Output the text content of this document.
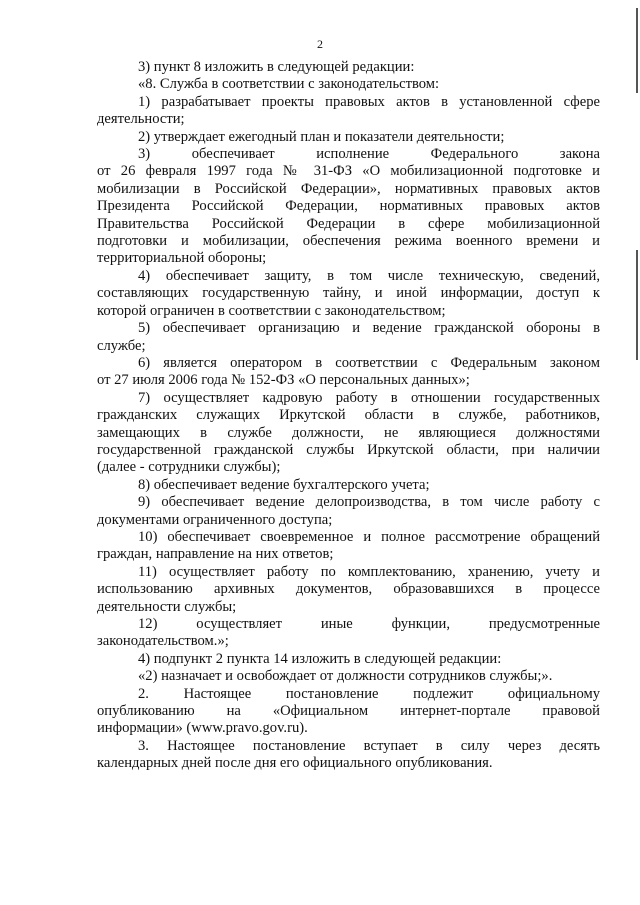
2
3) пункт 8 изложить в следующей редакции:
«8. Служба в соответствии с законодательством:
1) разрабатывает проекты правовых актов в установленной сфере
деятельности;
2) утверждает ежегодный план и показатели деятельности;
3) обеспечивает исполнение Федерального закона
от 26 февраля 1997 года № 31-ФЗ «О мобилизационной подготовке и
мобилизации в Российской Федерации», нормативных правовых актов
Президента Российской Федерации, нормативных правовых актов
Правительства Российской Федерации в сфере мобилизационной
подготовки и мобилизации, обеспечения режима военного времени и
территориальной обороны;
4) обеспечивает защиту, в том числе техническую, сведений,
составляющих государственную тайну, и иной информации, доступ к
которой ограничен в соответствии с законодательством;
5) обеспечивает организацию и ведение гражданской обороны в
службе;
6) является оператором в соответствии с Федеральным законом
от 27 июля 2006 года № 152-ФЗ «О персональных данных»;
7) осуществляет кадровую работу в отношении государственных
гражданских служащих Иркутской области в службе, работников,
замещающих в службе должности, не являющиеся должностями
государственной гражданской службы Иркутской области, при наличии
(далее - сотрудники службы);
8) обеспечивает ведение бухгалтерского учета;
9) обеспечивает ведение делопроизводства, в том числе работу с
документами ограниченного доступа;
10) обеспечивает своевременное и полное рассмотрение обращений
граждан, направление на них ответов;
11) осуществляет работу по комплектованию, хранению, учету и
использованию архивных документов, образовавшихся в процессе
деятельности службы;
12) осуществляет иные функции, предусмотренные
законодательством.»;
4) подпункт 2 пункта 14 изложить в следующей редакции:
«2) назначает и освобождает от должности сотрудников службы;».
2. Настоящее постановление подлежит официальному
опубликованию на «Официальном интернет-портале правовой
информации» (www.pravo.gov.ru).
3. Настоящее постановление вступает в силу через десять
календарных дней после дня его официального опубликования.
